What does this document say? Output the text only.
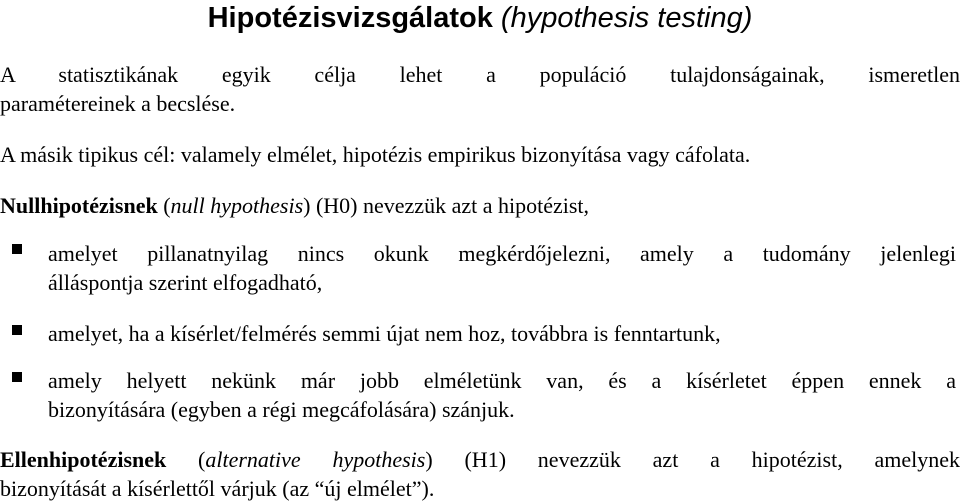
Hipotézisvizsgálatok (hypothesis testing)
A statisztikának egyik célja lehet a populáció tulajdonságainak, ismeretlen
paramétereinek a becslése.
A másik tipikus cél: valamely elmélet, hipotézis empirikus bizonyítása vagy cáfolata.
Nullhipotézisnek (null hypothesis) (H0) nevezzük azt a hipotézist,
amelyet pillanatnyilag nincs okunk megkérdőjelezni, amely a tudomány jelenlegi
álláspontja szerint elfogadható,
amelyet, ha a kísérlet/felmérés semmi újat nem hoz, továbbra is fenntartunk,
amely helyett nekünk már jobb elméletünk van, és a kísérletet éppen ennek a
bizonyítására (egyben a régi megcáfolására) szánjuk.
Ellenhipotézisnek (alternative hypothesis) (H1) nevezzük azt a hipotézist, amelynek
bizonyítását a kísérlettől várjuk (az “új elmélet”).
